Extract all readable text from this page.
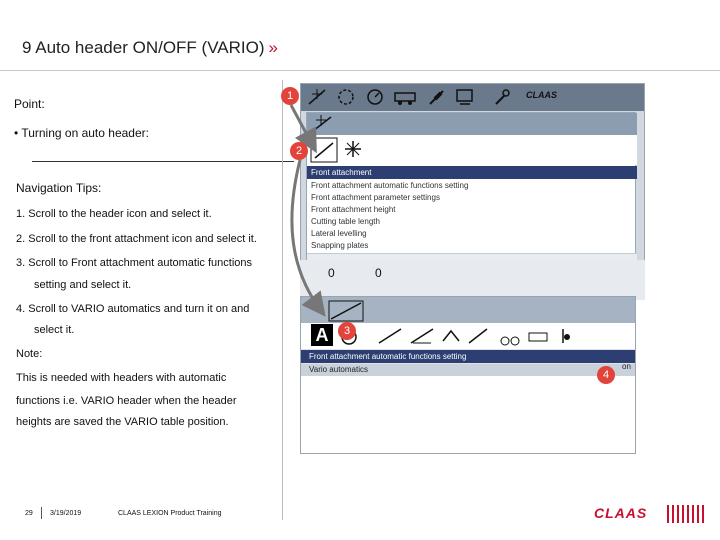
9 Auto header ON/OFF (VARIO) »
Point:
• Turning on auto header:
Navigation Tips:
1. Scroll to the header icon and select it.
2. Scroll to the front attachment icon and select it.
3. Scroll to Front attachment automatic functions
setting and select it.
4. Scroll to VARIO automatics and turn it on and
select it.
Note:
This is needed with headers with automatic
functions i.e. VARIO header when the header
heights are saved the VARIO table position.
CLAAS
Front attachment
Front attachment automatic functions setting
Front attachment parameter settings
Front attachment height
Cutting table length
Lateral levelling
Snapping plates
0	0
A
Front attachment automatic functions setting
Vario automatics	on
1
2
3
4
29 3/19/2019	CLAAS LEXION Product Training	CLAAS
